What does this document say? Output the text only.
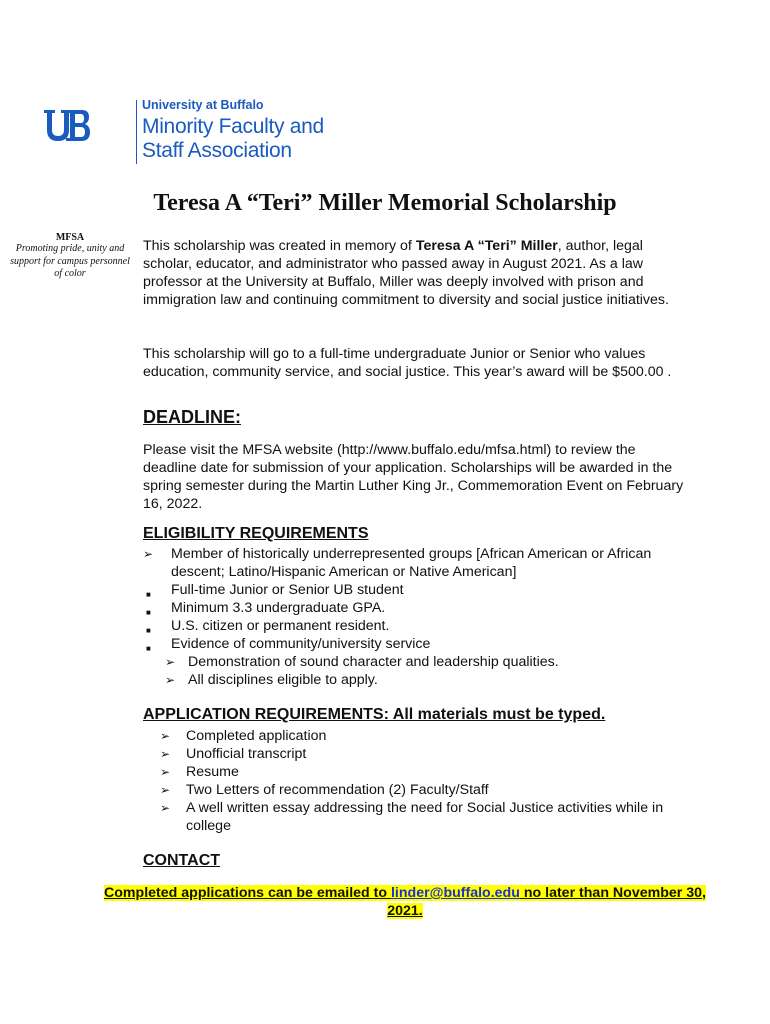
University at Buffalo
Minority Faculty and
Staff Association
Teresa A “Teri” Miller Memorial Scholarship
MFSA
Promoting pride, unity and support for campus personnel of color
This scholarship was created in memory of Teresa A “Teri” Miller, author, legal scholar, educator, and administrator who passed away in August 2021. As a law professor at the University at Buffalo, Miller was deeply involved with prison and immigration law and continuing commitment to diversity and social justice initiatives.
This scholarship will go to a full-time undergraduate Junior or Senior who values education, community service, and social justice. This year’s award will be $500.00 .
DEADLINE:
Please visit the MFSA website (http://www.buffalo.edu/mfsa.html) to review the deadline date for submission of your application. Scholarships will be awarded in the spring semester during the Martin Luther King Jr., Commemoration Event on February 16, 2022.
ELIGIBILITY REQUIREMENTS
➢ Member of historically underrepresented groups [African American or African descent; Latino/Hispanic American or Native American]
■ Full-time Junior or Senior UB student
■ Minimum 3.3 undergraduate GPA.
■ U.S. citizen or permanent resident.
■ Evidence of community/university service
➢ Demonstration of sound character and leadership qualities.
➢ All disciplines eligible to apply.
APPLICATION REQUIREMENTS: All materials must be typed.
➢ Completed application
➢ Unofficial transcript
➢ Resume
➢ Two Letters of recommendation (2) Faculty/Staff
➢ A well written essay addressing the need for Social Justice activities while in college
CONTACT
Completed applications can be emailed to linder@buffalo.edu no later than November 30, 2021.
